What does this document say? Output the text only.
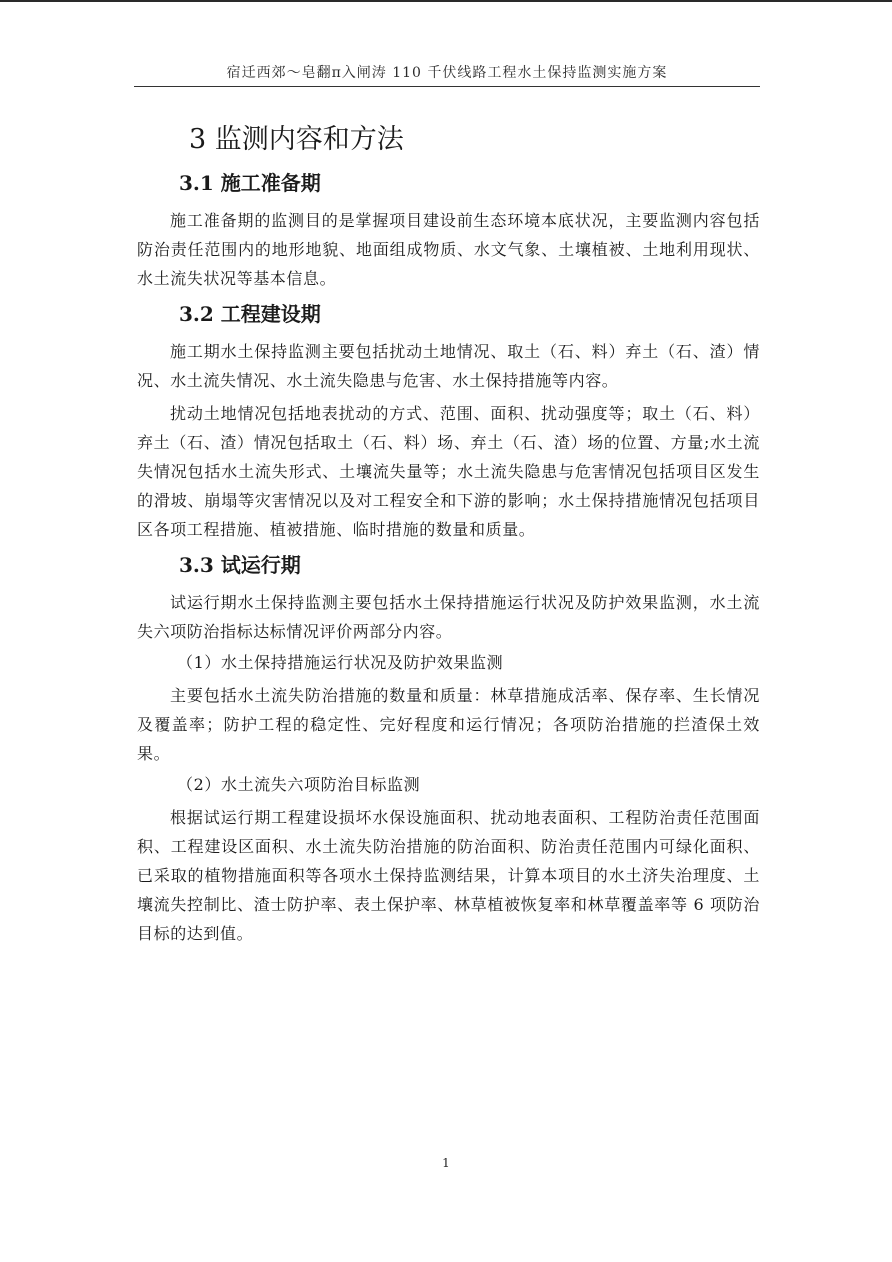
宿迁西郊～皂翻π入闸涛 110 千伏线路工程水土保持监测实施方案
3 监测内容和方法
3.1 施工准备期

施工准备期的监测目的是掌握项目建设前生态环境本底状况，主要监测内容包括防治责任范围内的地形地貌、地面组成物质、水文气象、土壤植被、土地利用现状、水土流失状况等基本信息。

3.2 工程建设期

施工期水土保持监测主要包括扰动土地情况、取土（石、料）弃土（石、渣）情况、水土流失情况、水土流失隐患与危害、水土保持措施等内容。

扰动土地情况包括地表扰动的方式、范围、面积、扰动强度等；取土（石、料）弃土（石、渣）情况包括取土（石、料）场、弃土（石、渣）场的位置、方量;水土流失情况包括水土流失形式、土壤流失量等；水土流失隐患与危害情况包括项目区发生的滑坡、崩塌等灾害情况以及对工程安全和下游的影响；水土保持措施情况包括项目区各项工程措施、植被措施、临时措施的数量和质量。

3.3 试运行期

试运行期水土保持监测主要包括水土保持措施运行状况及防护效果监测，水土流失六项防治指标达标情况评价两部分内容。

（1）水土保持措施运行状况及防护效果监测

主要包括水土流失防治措施的数量和质量：林草措施成活率、保存率、生长情况及覆盖率；防护工程的稳定性、完好程度和运行情况；各项防治措施的拦渣保土效果。

（2）水土流失六项防治目标监测

根据试运行期工程建设损坏水保设施面积、扰动地表面积、工程防治责任范围面积、工程建设区面积、水土流失防治措施的防治面积、防治责任范围内可绿化面积、已采取的植物措施面积等各项水土保持监测结果，计算本项目的水土济失治理度、土壤流失控制比、渣士防护率、表土保护率、林草植被恢复率和林草覆盖率等 6 项防治目标的达到值。

1
